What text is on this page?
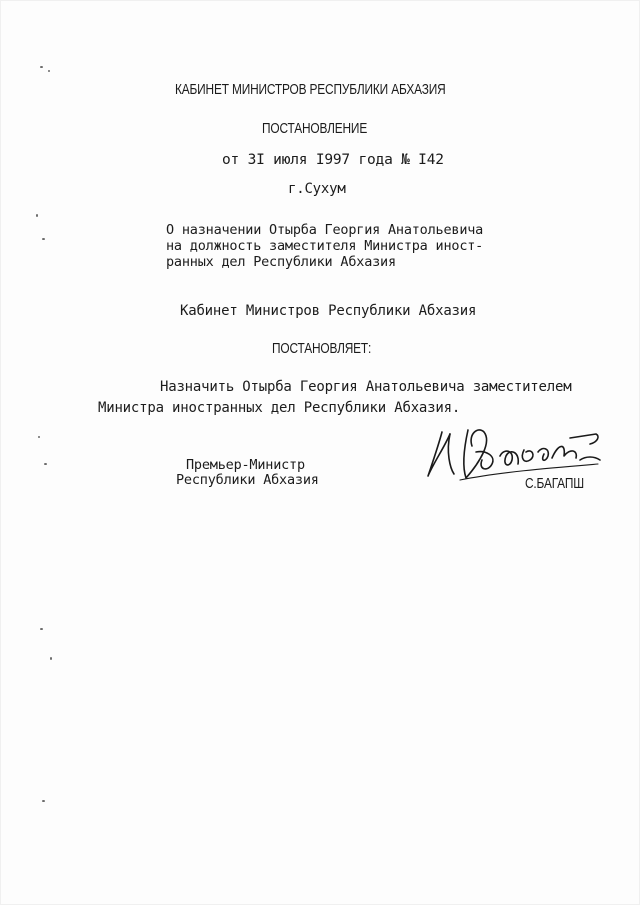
КАБИНЕТ МИНИСТРОВ РЕСПУБЛИКИ АБХАЗИЯ
ПОСТАНОВЛЕНИЕ
от 3I июля I997 года № I42
г.Сухум
О назначении Отырба Георгия Анатольевича
на должность заместителя Министра иност-
ранных дел Республики Абхазия
Кабинет Министров Республики Абхазия
ПОСТАНОВЛЯЕТ:
Назначить Отырба Георгия Анатольевича заместителем
Министра иностранных дел Республики Абхазия.
Премьер-Министр
Республики Абхазия	С.БАГАПШ
